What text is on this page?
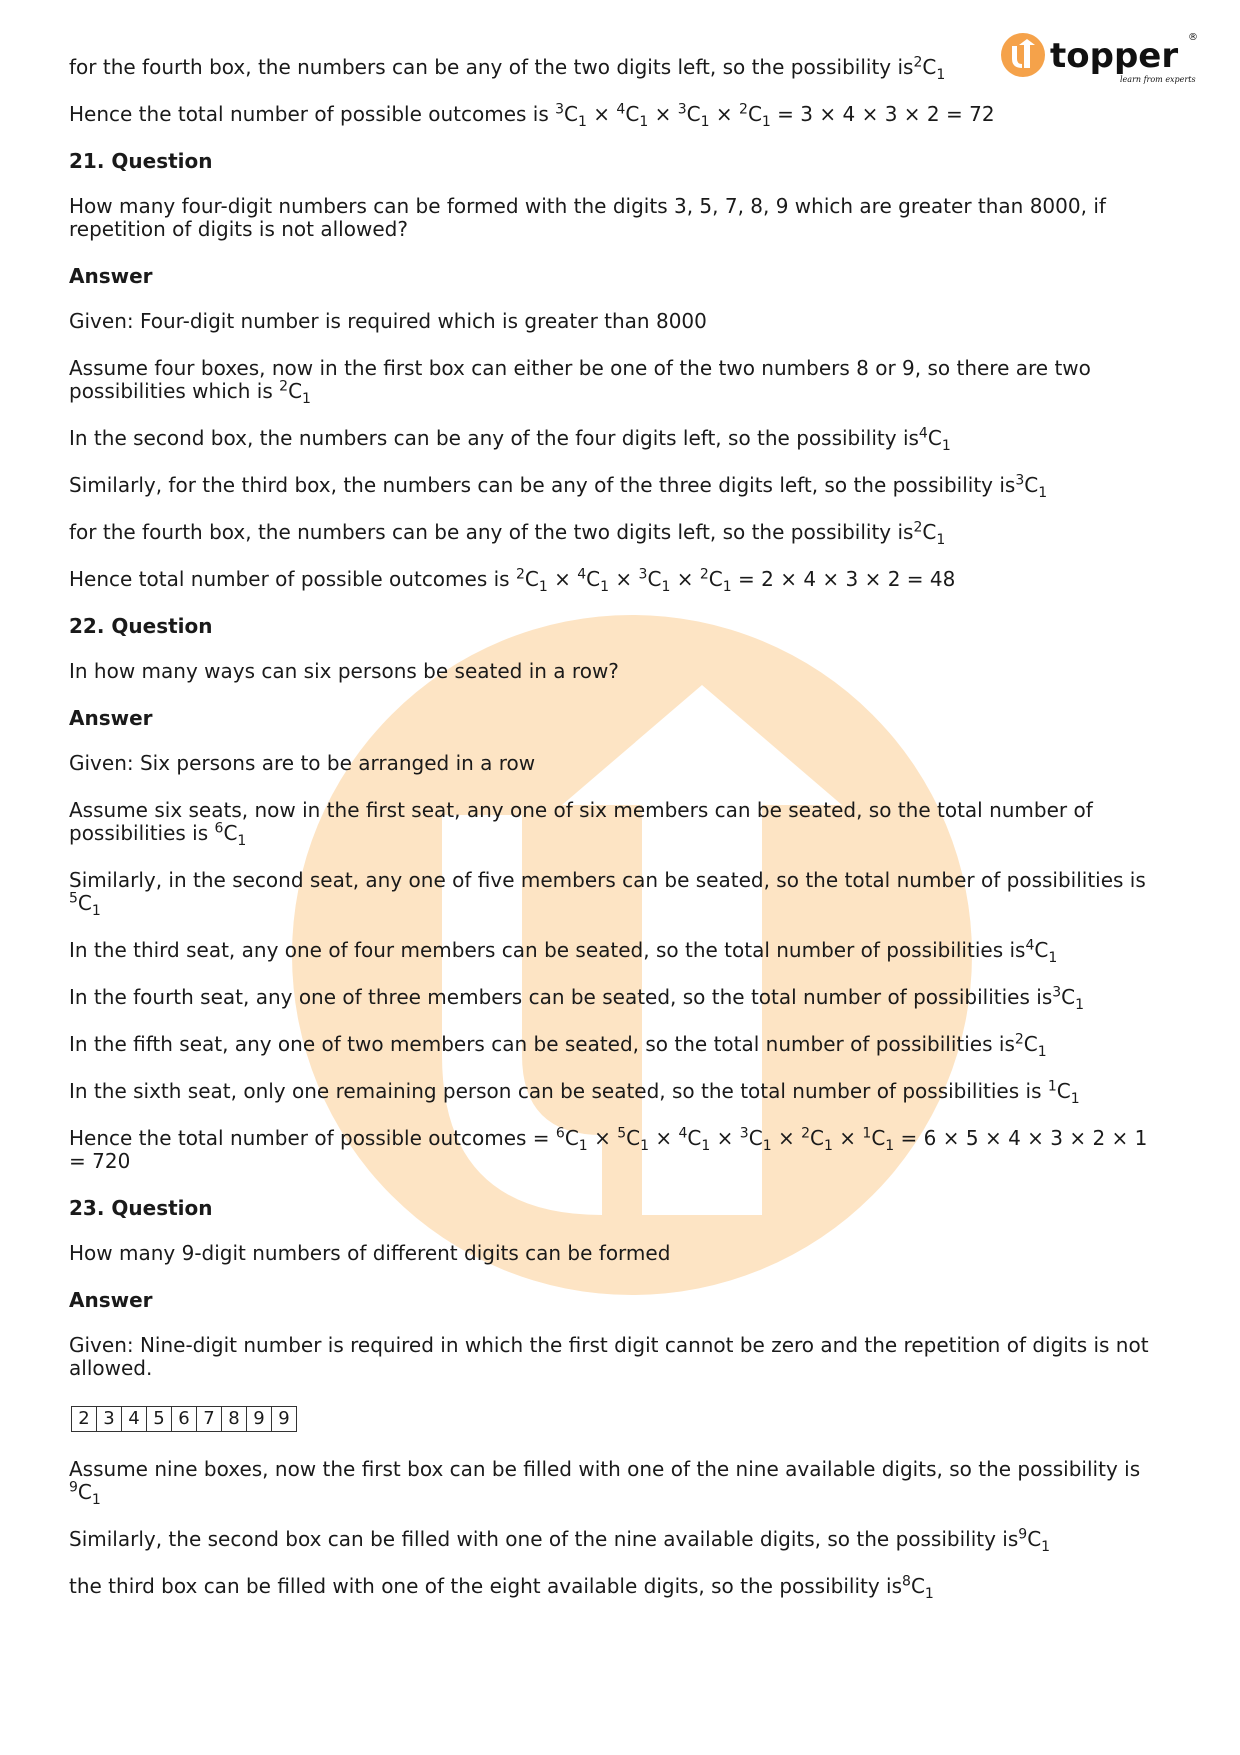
topper ®
learn from experts

for the fourth box, the numbers can be any of the two digits left, so the possibility $is^2C_1$

Hence the total number of possible outcomes is $^3C_1 \times ^4C_1 \times ^3C_1 \times ^2C_1 = 3 \times 4 \times 3 \times 2 = 72$

21. Question

How many four-digit numbers can be formed with the digits 3, 5, 7, 8, 9 which are greater than 8000, if repetition of digits is not allowed?

Answer

Given: Four-digit number is required which is greater than 8000

Assume four boxes, now in the first box can either be one of the two numbers 8 or 9, so there are two possibilities which is $^2C_1$

In the second box, the numbers can be any of the four digits left, so the possibility $is^4C_1$

Similarly, for the third box, the numbers can be any of the three digits left, so the possibility $is^3C_1$

for the fourth box, the numbers can be any of the two digits left, so the possibility $is^2C_1$

Hence total number of possible outcomes is $^2C_1 \times ^4C_1 \times ^3C_1 \times ^2C_1 = 2 \times 4 \times 3 \times 2 = 48$

22. Question

In how many ways can six persons be seated in a row?

Answer

Given: Six persons are to be arranged in a row

Assume six seats, now in the first seat, any one of six members can be seated, so the total number of possibilities is $^6C_1$

Similarly, in the second seat, any one of five members can be seated, so the total number of possibilities is $^5C_1$

In the third seat, any one of four members can be seated, so the total number of possibilities $is^4C_1$

In the fourth seat, any one of three members can be seated, so the total number of possibilities $is^3C_1$

In the fifth seat, any one of two members can be seated, so the total number of possibilities $is^2C_1$

In the sixth seat, only one remaining person can be seated, so the total number of possibilities is $^1C_1$

Hence the total number of possible outcomes = $^6C_1 \times ^5C_1 \times ^4C_1 \times ^3C_1 \times ^2C_1 \times ^1C_1 = 6 \times 5 \times 4 \times 3 \times 2 \times 1 = 720$

23. Question

How many 9-digit numbers of different digits can be formed

Answer

Given: Nine-digit number is required in which the first digit cannot be zero and the repetition of digits is not allowed.

2 3 4 5 6 7 8 9 9

Assume nine boxes, now the first box can be filled with one of the nine available digits, so the possibility is $^9C_1$

Similarly, the second box can be filled with one of the nine available digits, so the possibility $is^9C_1$

the third box can be filled with one of the eight available digits, so the possibility $is^8C_1$
